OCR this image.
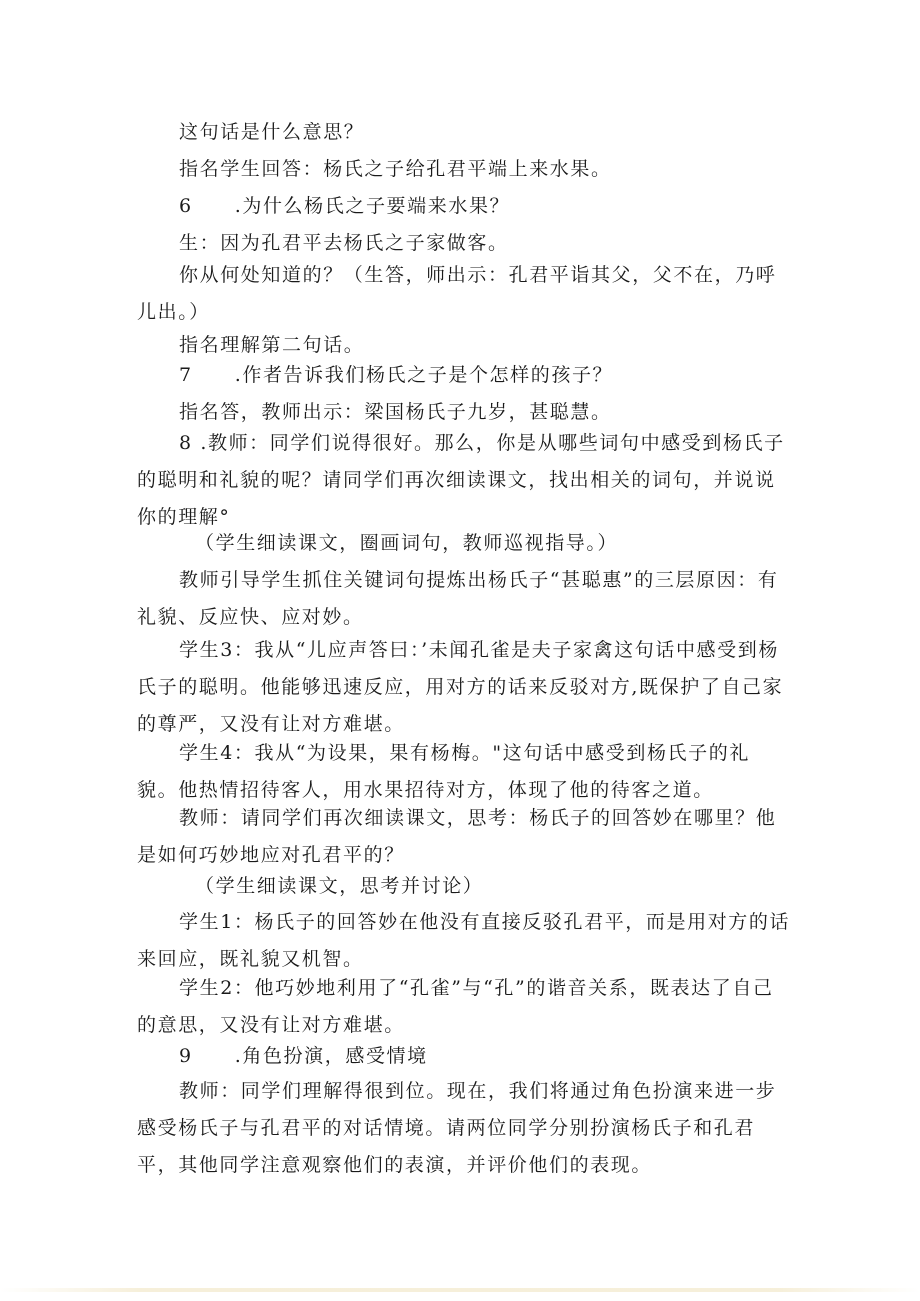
这句话是什么意思？
指名学生回答：杨氏之子给孔君平端上来水果。
6 .为什么杨氏之子要端来水果？
生：因为孔君平去杨氏之子家做客。
你从何处知道的？（生答，师出示：孔君平诣其父，父不在，乃呼儿出。）
指名理解第二句话。
7 .作者告诉我们杨氏之子是个怎样的孩子？
指名答，教师出示：梁国杨氏子九岁，甚聪慧。
8 .教师：同学们说得很好。那么，你是从哪些词句中感受到杨氏子的聪明和礼貌的呢？请同学们再次细读课文，找出相关的词句，并说说你的理解°
（学生细读课文，圈画词句，教师巡视指导。）
教师引导学生抓住关键词句提炼出杨氏子“甚聪惠”的三层原因：有礼貌、反应快、应对妙。
学生3：我从“儿应声答曰：’未闻孔雀是夫子家禽这句话中感受到杨氏子的聪明。他能够迅速反应，用对方的话来反驳对方,既保护了自己家的尊严，又没有让对方难堪。
学生4：我从“为设果，果有杨梅。"这句话中感受到杨氏子的礼貌。他热情招待客人，用水果招待对方，体现了他的待客之道。
教师：请同学们再次细读课文，思考：杨氏子的回答妙在哪里？他是如何巧妙地应对孔君平的？
（学生细读课文，思考并讨论）
学生1：杨氏子的回答妙在他没有直接反驳孔君平，而是用对方的话来回应，既礼貌又机智。
学生2：他巧妙地利用了“孔雀”与“孔”的谐音关系，既表达了自己的意思，又没有让对方难堪。
9 .角色扮演，感受情境
教师：同学们理解得很到位。现在，我们将通过角色扮演来进一步感受杨氏子与孔君平的对话情境。请两位同学分别扮演杨氏子和孔君平，其他同学注意观察他们的表演，并评价他们的表现。
